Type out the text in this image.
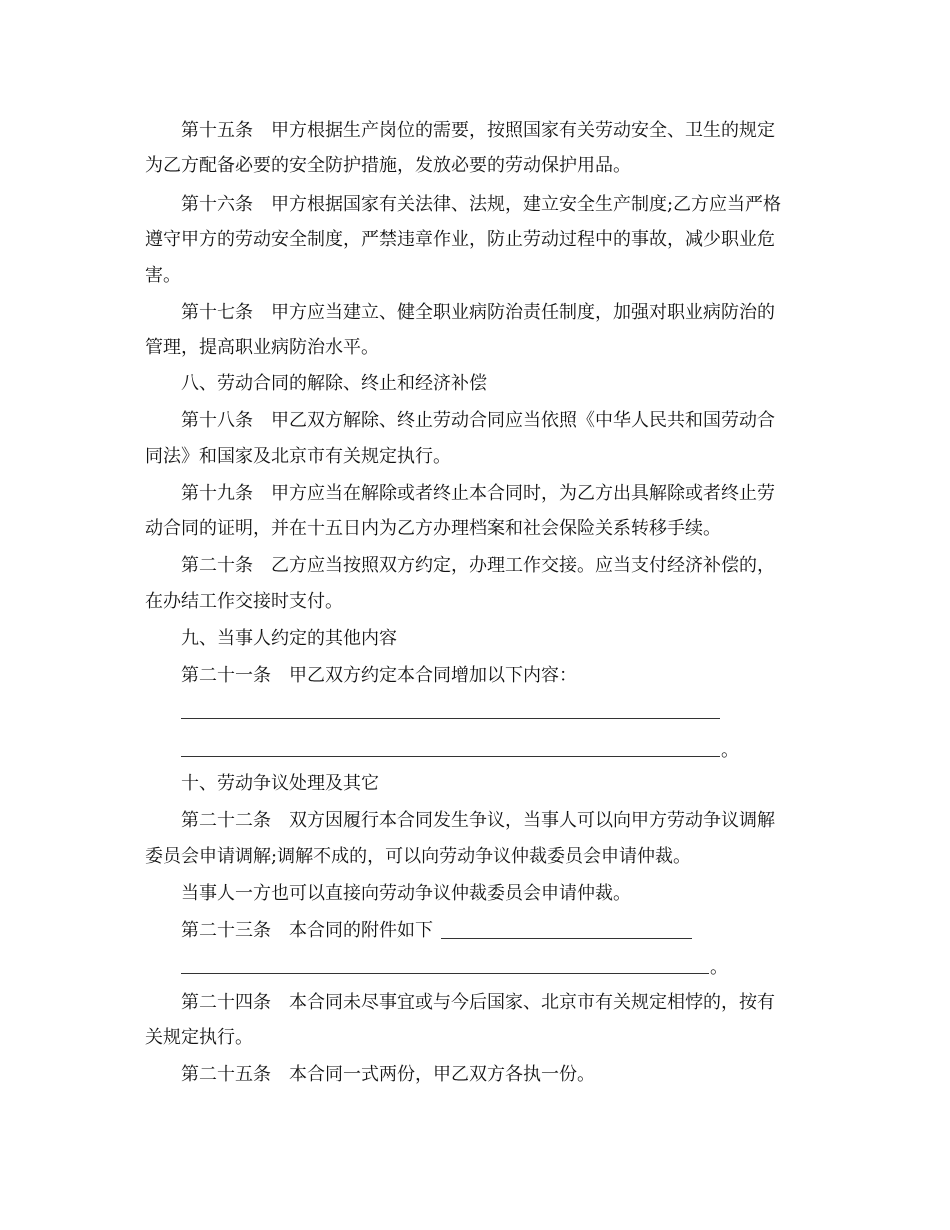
第十五条　甲方根据生产岗位的需要，按照国家有关劳动安全、卫生的规定
为乙方配备必要的安全防护措施，发放必要的劳动保护用品。
第十六条　甲方根据国家有关法律、法规，建立安全生产制度;乙方应当严格
遵守甲方的劳动安全制度，严禁违章作业，防止劳动过程中的事故，减少职业危
害。
第十七条　甲方应当建立、健全职业病防治责任制度，加强对职业病防治的
管理，提高职业病防治水平。
八、劳动合同的解除、终止和经济补偿
第十八条　甲乙双方解除、终止劳动合同应当依照《中华人民共和国劳动合
同法》和国家及北京市有关规定执行。
第十九条　甲方应当在解除或者终止本合同时，为乙方出具解除或者终止劳
动合同的证明，并在十五日内为乙方办理档案和社会保险关系转移手续。
第二十条　乙方应当按照双方约定，办理工作交接。应当支付经济补偿的，
在办结工作交接时支付。
九、当事人约定的其他内容
第二十一条　甲乙双方约定本合同增加以下内容：
。
十、劳动争议处理及其它
第二十二条　双方因履行本合同发生争议，当事人可以向甲方劳动争议调解
委员会申请调解;调解不成的，可以向劳动争议仲裁委员会申请仲裁。
当事人一方也可以直接向劳动争议仲裁委员会申请仲裁。
第二十三条　本合同的附件如下
。
第二十四条　本合同未尽事宜或与今后国家、北京市有关规定相悖的，按有
关规定执行。
第二十五条　本合同一式两份，甲乙双方各执一份。
